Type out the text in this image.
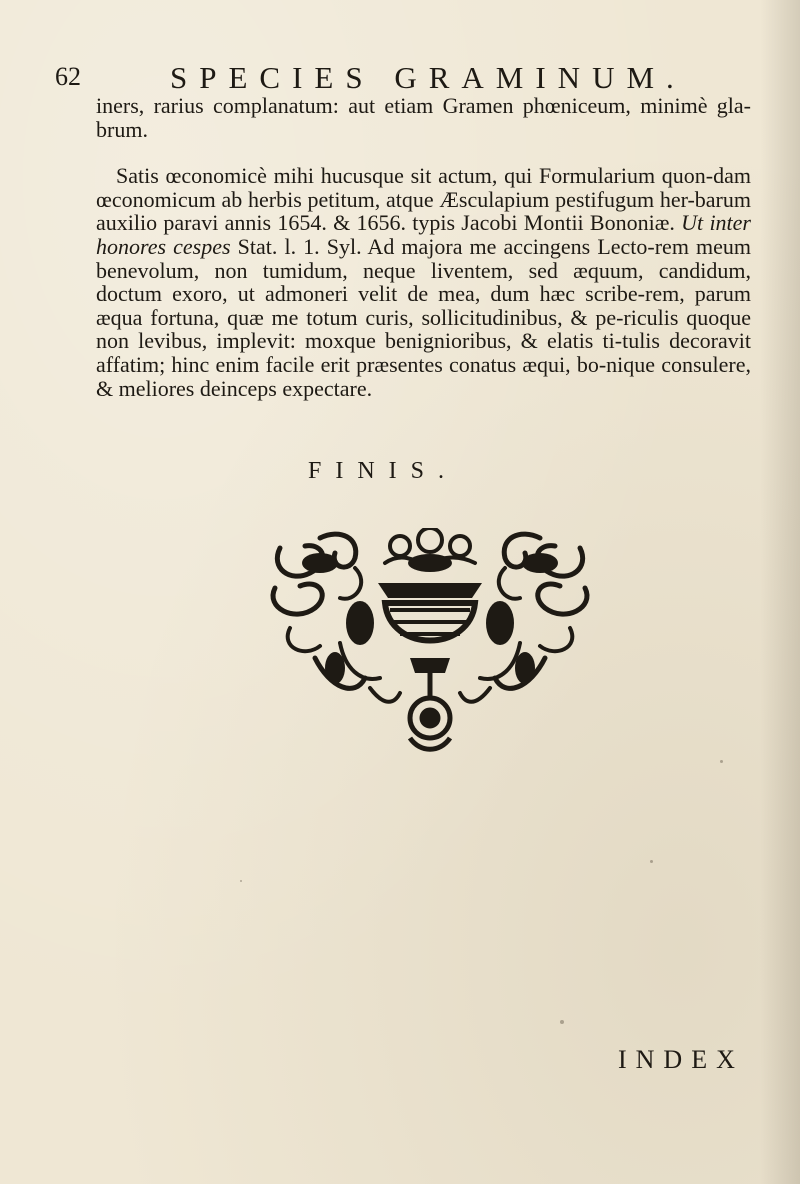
62	SPECIES GRAMINUM.

iners, rarius complanatum: aut etiam Gramen phœniceum, minimè gla-brum.

Satis œconomicè mihi hucusque sit actum, qui Formularium quon-dam œconomicum ab herbis petitum, atque Æsculapium pestifugum her-barum auxilio paravi annis 1654. & 1656. typis Jacobi Montii Bononiæ. Ut inter honores cespes Stat. l. 1. Syl. Ad majora me accingens Lecto-rem meum benevolum, non tumidum, neque liventem, sed æquum, candidum, doctum exoro, ut admoneri velit de mea, dum hæc scribe-rem, parum æqua fortuna, quæ me totum curis, sollicitudinibus, & pe-riculis quoque non levibus, implevit: moxque benignioribus, & elatis ti-tulis decoravit affatim; hinc enim facile erit præsentes conatus æqui, bo-nique consulere, & meliores deinceps expectare.

FINIS.
INDEX
